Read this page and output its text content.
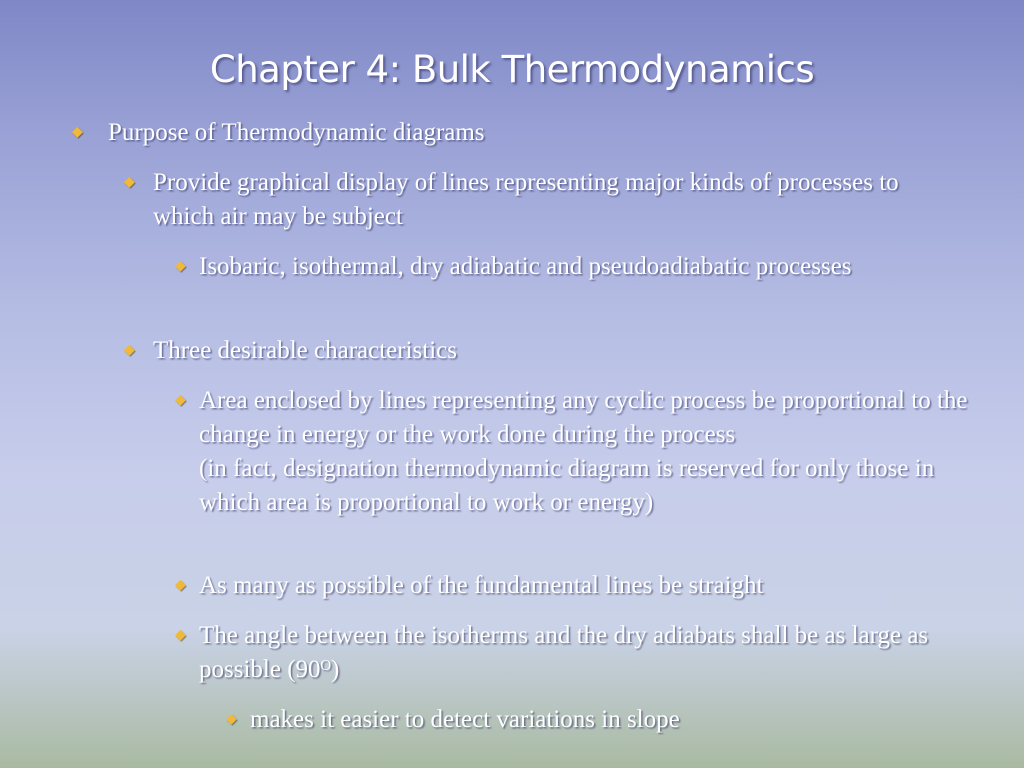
Chapter 4: Bulk Thermodynamics
◆ Purpose of Thermodynamic diagrams
◆ Provide graphical display of lines representing major kinds of processes to which air may be subject
◆ Isobaric, isothermal, dry adiabatic and pseudoadiabatic processes
◆ Three desirable characteristics
◆ Area enclosed by lines representing any cyclic process be proportional to the change in energy or the work done during the process
(in fact, designation thermodynamic diagram is reserved for only those in which area is proportional to work or energy)
◆ As many as possible of the fundamental lines be straight
◆ The angle between the isotherms and the dry adiabats shall be as large as possible (90ᴼ)
◆ makes it easier to detect variations in slope
